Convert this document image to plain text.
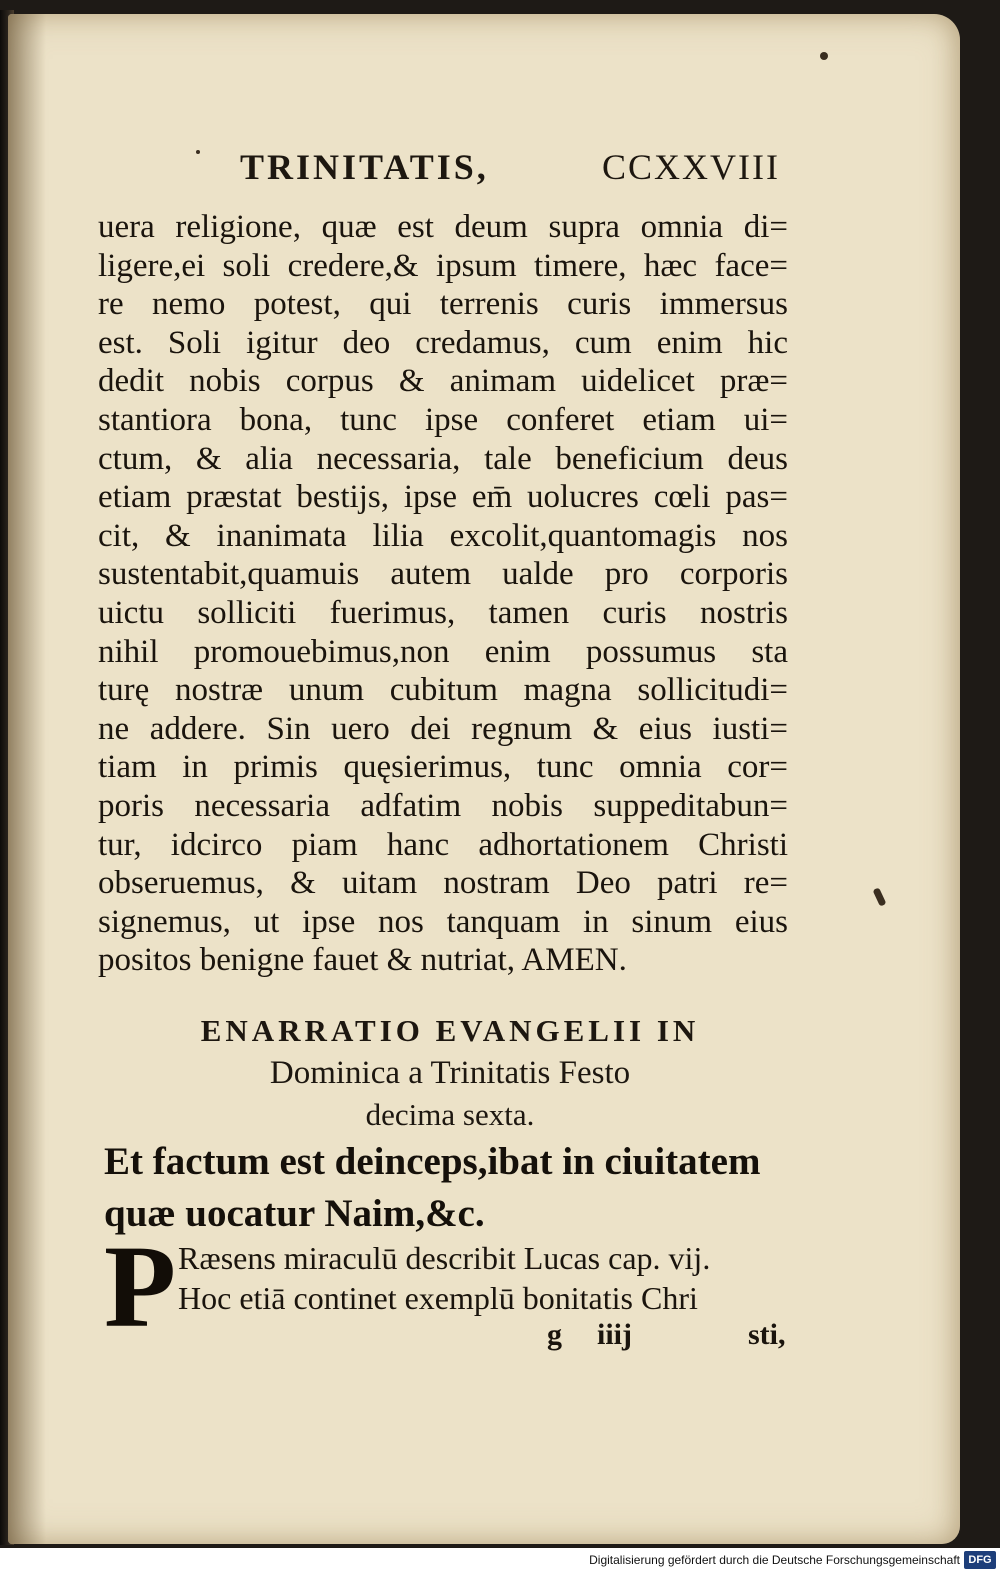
TRINITATIS,	CCXXVIII
uera religione, quæ est deum supra omnia di=
ligere,ei soli credere,& ipsum timere, hæc face=
re nemo potest, qui terrenis curis immersus
est. Soli igitur deo credamus, cum enim hic
dedit nobis corpus & animam uidelicet præ=
stantiora bona, tunc ipse conferet etiam ui=
ctum, & alia necessaria, tale beneficium deus
etiam præstat bestijs, ipse em̄ uolucres cœli pas=
cit, & inanimata lilia excolit,quantomagis nos
sustentabit,quamuis autem ualde pro corporis
uictu solliciti fuerimus, tamen curis nostris
nihil promouebimus,non enim possumus sta
turę nostræ unum cubitum magna sollicitudi=
ne addere. Sin uero dei regnum & eius iusti=
tiam in primis quęsierimus, tunc omnia cor=
poris necessaria adfatim nobis suppeditabun=
tur, idcirco piam hanc adhortationem Christi
obseruemus, & uitam nostram Deo patri re=
signemus, ut ipse nos tanquam in sinum eius
positos benigne fauet & nutriat, AMEN.
ENARRATIO EVANGELII IN
Dominica a Trinitatis Festo
decima sexta.
Et factum est deinceps,ibat in ciuitatem
quæ uocatur Naim,&c.
P Ræsens miraculū describit Lucas cap. vij.
Hoc etiā continet exemplū bonitatis Chri
g iiij	sti,
Digitalisierung gefördert durch die Deutsche Forschungsgemeinschaft DFG
